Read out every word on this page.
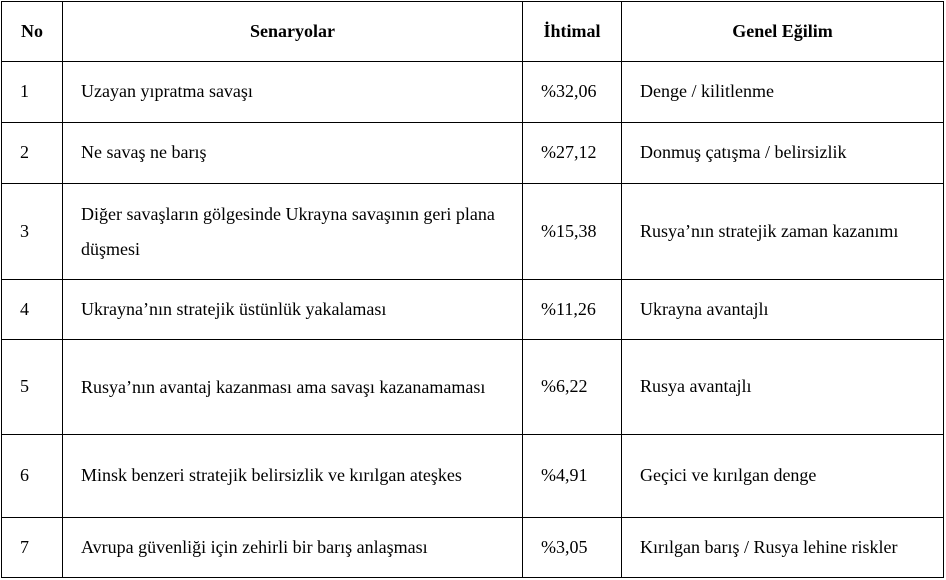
No	Senaryolar	İhtimal	Genel Eğilim
1	Uzayan yıpratma savaşı	%32,06	Denge / kilitlenme
2	Ne savaş ne barış	%27,12	Donmuş çatışma / belirsizlik
3	Diğer savaşların gölgesinde Ukrayna savaşının geri plana düşmesi	%15,38	Rusya’nın stratejik zaman kazanımı
4	Ukrayna’nın stratejik üstünlük yakalaması	%11,26	Ukrayna avantajlı
5	Rusya’nın avantaj kazanması ama savaşı kazanamaması	%6,22	Rusya avantajlı
6	Minsk benzeri stratejik belirsizlik ve kırılgan ateşkes	%4,91	Geçici ve kırılgan denge
7	Avrupa güvenliği için zehirli bir barış anlaşması	%3,05	Kırılgan barış / Rusya lehine riskler
